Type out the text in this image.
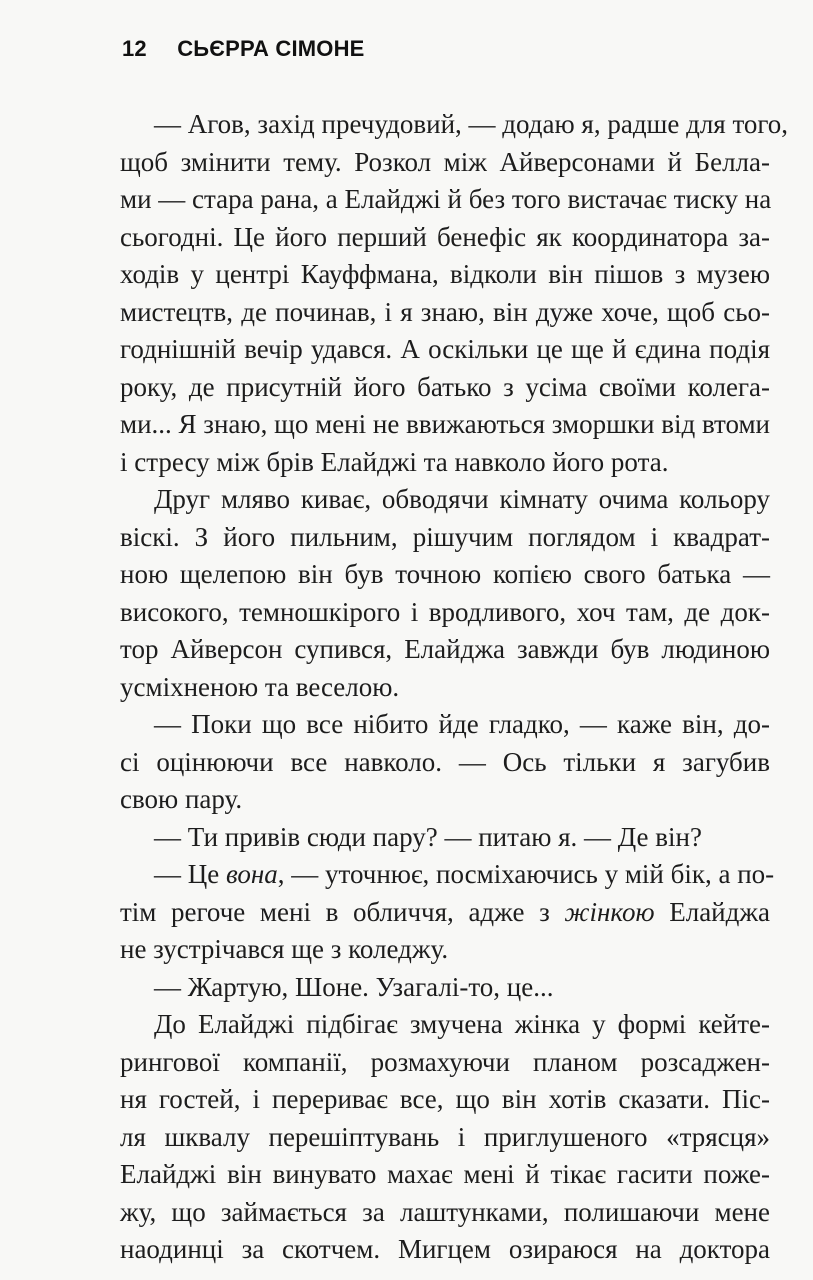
12 СЬЄРРА СІМОНЕ
— Агов, захід пречудовий, — додаю я, радше для того,
щоб змінити тему. Розкол між Айверсонами й Белла-
ми — стара рана, а Елайджі й без того вистачає тиску на
сьогодні. Це його перший бенефіс як координатора за-
ходів у центрі Кауффмана, відколи він пішов з музею
мистецтв, де починав, і я знаю, він дуже хоче, щоб сьо-
годнішній вечір удався. А оскільки це ще й єдина подія
року, де присутній його батько з усіма своїми колега-
ми... Я знаю, що мені не ввижаються зморшки від втоми
і стресу між брів Елайджі та навколо його рота.
Друг мляво киває, обводячи кімнату очима кольору
віскі. З його пильним, рішучим поглядом і квадрат-
ною щелепою він був точною копією свого батька —
високого, темношкірого і вродливого, хоч там, де док-
тор Айверсон супився, Елайджа завжди був людиною
усміхненою та веселою.
— Поки що все нібито йде гладко, — каже він, до-
сі оцінюючи все навколо. — Ось тільки я загубив
свою пару.
— Ти привів сюди пару? — питаю я. — Де він?
— Це вона, — уточнює, посміхаючись у мій бік, а по-
тім регоче мені в обличчя, адже з жінкою Елайджа
не зустрічався ще з коледжу.
— Жартую, Шоне. Узагалі-то, це...
До Елайджі підбігає змучена жінка у формі кейте-
рингової компанії, розмахуючи планом розсаджен-
ня гостей, і перериває все, що він хотів сказати. Піс-
ля шквалу перешіптувань і приглушеного «трясця»
Елайджі він винувато махає мені й тікає гасити поже-
жу, що займається за лаштунками, полишаючи мене
наодинці за скотчем. Мигцем озираюся на доктора
